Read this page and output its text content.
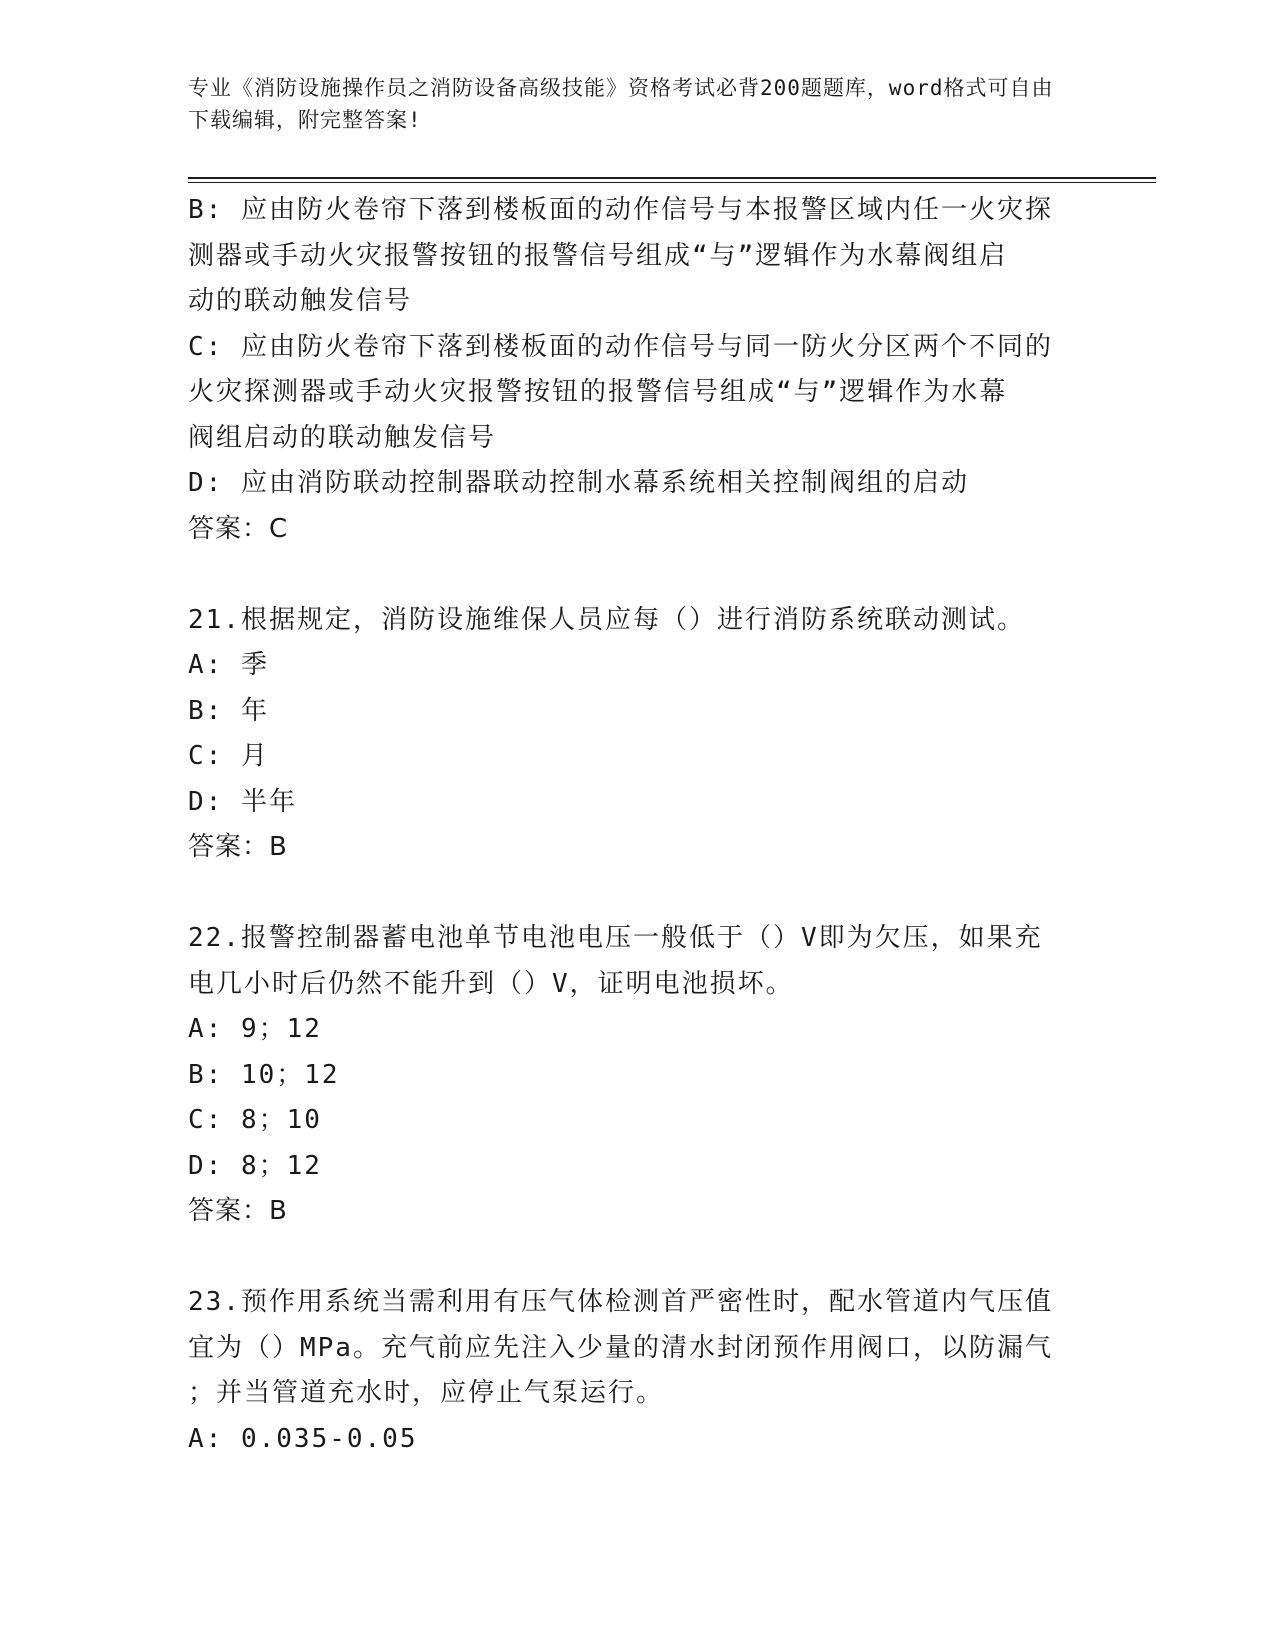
专业《消防设施操作员之消防设备高级技能》资格考试必背200题题库，word格式可自由下载编辑，附完整答案!
B: 应由防火卷帘下落到楼板面的动作信号与本报警区域内任一火灾探
测器或手动火灾报警按钮的报警信号组成“与”逻辑作为水幕阀组启
动的联动触发信号
C: 应由防火卷帘下落到楼板面的动作信号与同一防火分区两个不同的
火灾探测器或手动火灾报警按钮的报警信号组成“与”逻辑作为水幕
阀组启动的联动触发信号
D: 应由消防联动控制器联动控制水幕系统相关控制阀组的启动
答案：C
21.根据规定，消防设施维保人员应每（）进行消防系统联动测试。
A: 季
B: 年
C: 月
D: 半年
答案：B
22.报警控制器蓄电池单节电池电压一般低于（）V即为欠压，如果充
电几小时后仍然不能升到（）V，证明电池损坏。
A: 9；12
B: 10；12
C: 8；10
D: 8；12
答案：B
23.预作用系统当需利用有压气体检测首严密性时，配水管道内气压值
宜为（）MPa。充气前应先注入少量的清水封闭预作用阀口，以防漏气
；并当管道充水时，应停止气泵运行。
A: 0.035-0.05
